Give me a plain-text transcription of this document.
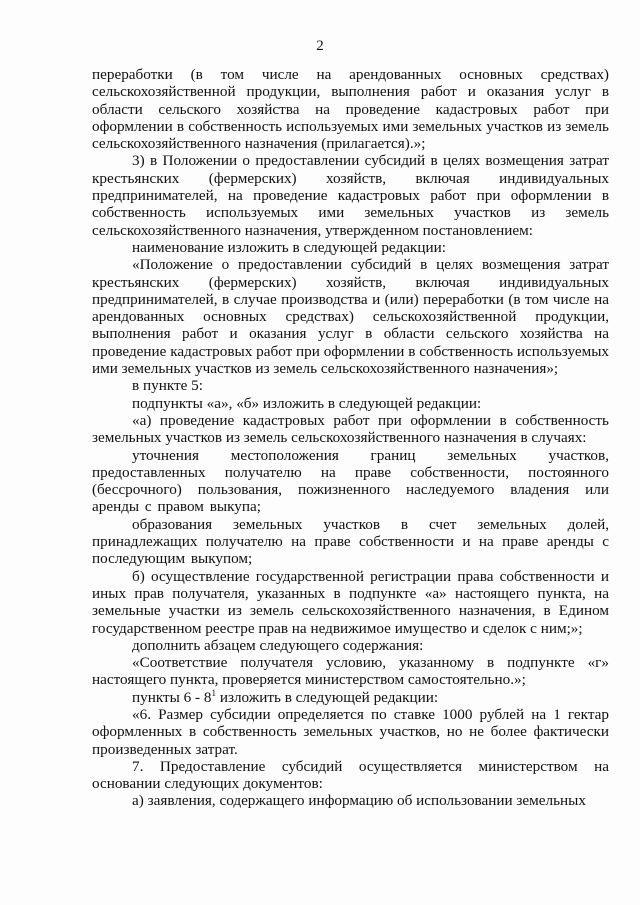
2

переработки (в том числе на арендованных основных средствах) сельскохозяйственной продукции, выполнения работ и оказания услуг в области сельского хозяйства на проведение кадастровых работ при оформлении в собственность используемых ими земельных участков из земель сельскохозяйственного назначения (прилагается).»;

3) в Положении о предоставлении субсидий в целях возмещения затрат крестьянских (фермерских) хозяйств, включая индивидуальных предпринимателей, на проведение кадастровых работ при оформлении в собственность используемых ими земельных участков из земель сельскохозяйственного назначения, утвержденном постановлением:

наименование изложить в следующей редакции:

«Положение о предоставлении субсидий в целях возмещения затрат крестьянских (фермерских) хозяйств, включая индивидуальных предпринимателей, в случае производства и (или) переработки (в том числе на арендованных основных средствах) сельскохозяйственной продукции, выполнения работ и оказания услуг в области сельского хозяйства на проведение кадастровых работ при оформлении в собственность используемых ими земельных участков из земель сельскохозяйственного назначения»;

в пункте 5:

подпункты «а», «б» изложить в следующей редакции:

«а) проведение кадастровых работ при оформлении в собственность земельных участков из земель сельскохозяйственного назначения в случаях:

уточнения местоположения границ земельных участков, предоставленных получателю на праве собственности, постоянного (бессрочного) пользования, пожизненного наследуемого владения или аренды с правом выкупа;

образования земельных участков в счет земельных долей, принадлежащих получателю на праве собственности и на праве аренды с последующим выкупом;

б) осуществление государственной регистрации права собственности и иных прав получателя, указанных в подпункте «а» настоящего пункта, на земельные участки из земель сельскохозяйственного назначения, в Едином государственном реестре прав на недвижимое имущество и сделок с ним;»;

дополнить абзацем следующего содержания:

«Соответствие получателя условию, указанному в подпункте «г» настоящего пункта, проверяется министерством самостоятельно.»;

пункты $6 - 8^1$ изложить в следующей редакции:

«6. Размер субсидии определяется по ставке 1000 рублей на 1 гектар оформленных в собственность земельных участков, но не более фактически произведенных затрат.

7. Предоставление субсидий осуществляется министерством на основании следующих документов:

а) заявления, содержащего информацию об использовании земельных
